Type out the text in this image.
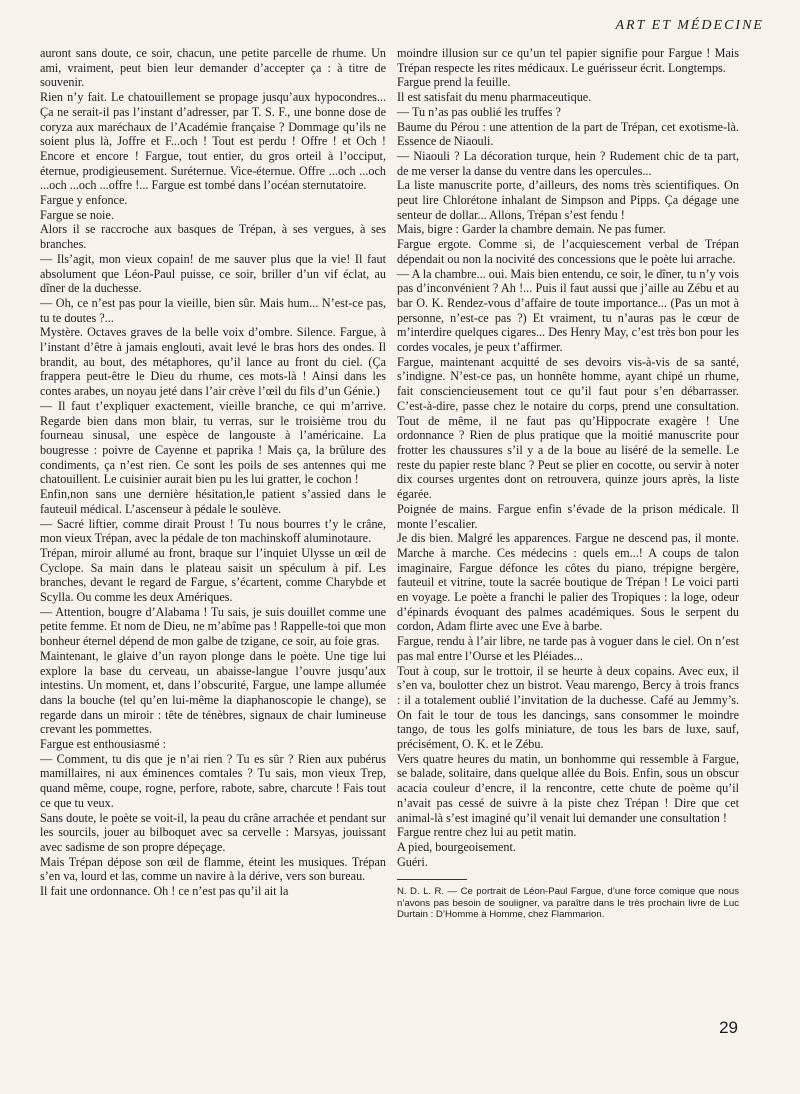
ART ET MÉDECINE

auront sans doute, ce soir, chacun, une petite parcelle de rhume. Un ami, vraiment, peut bien leur demander d’accepter ça : à titre de souvenir.

Rien n’y fait. Le chatouillement se propage jusqu’aux hypocondres... Ça ne serait-il pas l’instant d’adresser, par T. S. F., une bonne dose de coryza aux maréchaux de l’Académie française ? Dommage qu’ils ne soient plus là, Joffre et F...och ! Tout est perdu ! Offre ! et Och ! Encore et encore ! Fargue, tout entier, du gros orteil à l’occiput, éternue, prodigieusement. Suréternue. Vice-éternue. Offre ...och ...och ...och ...och ...offre !... Fargue est tombé dans l’océan sternutatoire.

Fargue y enfonce.

Fargue se noie.

Alors il se raccroche aux basques de Trépan, à ses vergues, à ses branches.

— Ils’agit, mon vieux copain! de me sauver plus que la vie! Il faut absolument que Léon-Paul puisse, ce soir, briller d’un vif éclat, au dîner de la duchesse.

— Oh, ce n’est pas pour la vieille, bien sûr. Mais hum... N’est-ce pas, tu te doutes ?...

Mystère. Octaves graves de la belle voix d’ombre. Silence. Fargue, à l’instant d’être à jamais englouti, avait levé le bras hors des ondes. Il brandit, au bout, des métaphores, qu’il lance au front du ciel. (Ça frappera peut-être le Dieu du rhume, ces mots-là ! Ainsi dans les contes arabes, un noyau jeté dans l’air crève l’œil du fils d’un Génie.)

— Il faut t’expliquer exactement, vieille branche, ce qui m’arrive. Regarde bien dans mon blair, tu verras, sur le troisième trou du fourneau sinusal, une espèce de langouste à l’américaine. La bougresse : poivre de Cayenne et paprika ! Mais ça, la brûlure des condiments, ça n’est rien. Ce sont les poils de ses antennes qui me chatouillent. Le cuisinier aurait bien pu les lui gratter, le cochon !

Enfin,non sans une dernière hésitation,le patient s’assied dans le fauteuil médical. L’ascenseur à pédale le soulève.

— Sacré liftier, comme dirait Proust ! Tu nous bourres t’y le crâne, mon vieux Trépan, avec la pédale de ton machinskoff aluminotaure.

Trépan, miroir allumé au front, braque sur l’inquiet Ulysse un œil de Cyclope. Sa main dans le plateau saisit un spéculum à pif. Les branches, devant le regard de Fargue, s’écartent, comme Charybde et Scylla. Ou comme les deux Amériques.

— Attention, bougre d’Alabama ! Tu sais, je suis douillet comme une petite femme. Et nom de Dieu, ne m’abîme pas ! Rappelle-toi que mon bonheur éternel dépend de mon galbe de tzigane, ce soir, au foie gras.

Maintenant, le glaive d’un rayon plonge dans le poète. Une tige lui explore la base du cerveau, un abaisse-langue l’ouvre jusqu’aux intestins. Un moment, et, dans l’obscurité, Fargue, une lampe allumée dans la bouche (tel qu’en lui-même la diaphanoscopie le change), se regarde dans un miroir : tête de ténèbres, signaux de chair lumineuse crevant les pommettes.

Fargue est enthousiasmé :

— Comment, tu dis que je n’ai rien ? Tu es sûr ? Rien aux pubérus mamillaires, ni aux éminences comtales ? Tu sais, mon vieux Trep, quand même, coupe, rogne, perfore, rabote, sabre, charcute ! Fais tout ce que tu veux.

Sans doute, le poète se voit-il, la peau du crâne arrachée et pendant sur les sourcils, jouer au bilboquet avec sa cervelle : Marsyas, jouissant avec sadisme de son propre dépeçage.

Mais Trépan dépose son œil de flamme, éteint les musiques. Trépan s’en va, lourd et las, comme un navire à la dérive, vers son bureau.

Il fait une ordonnance. Oh ! ce n’est pas qu’il ait la

moindre illusion sur ce qu’un tel papier signifie pour Fargue ! Mais Trépan respecte les rites médicaux. Le guérisseur écrit. Longtemps.

Fargue prend la feuille.

Il est satisfait du menu pharmaceutique.

— Tu n’as pas oublié les truffes ?

Baume du Pérou : une attention de la part de Trépan, cet exotisme-là. Essence de Niaouli.

— Niaouli ? La décoration turque, hein ? Rudement chic de ta part, de me verser la danse du ventre dans les opercules...

La liste manuscrite porte, d’ailleurs, des noms très scientifiques. On peut lire Chlorétone inhalant de Simpson and Pipps. Ça dégage une senteur de dollar... Allons, Trépan s’est fendu !

Mais, bigre : Garder la chambre demain. Ne pas fumer.

Fargue ergote. Comme si, de l’acquiescement verbal de Trépan dépendait ou non la nocivité des concessions que le poète lui arrache.

— A la chambre... oui. Mais bien entendu, ce soir, le dîner, tu n’y vois pas d’inconvénient ? Ah !... Puis il faut aussi que j’aille au Zébu et au bar O. K. Rendez-vous d’affaire de toute importance... (Pas un mot à personne, n’est-ce pas ?) Et vraiment, tu n’auras pas le cœur de m’interdire quelques cigares... Des Henry May, c’est très bon pour les cordes vocales, je peux t’affirmer.

Fargue, maintenant acquitté de ses devoirs vis-à-vis de sa santé, s’indigne. N’est-ce pas, un honnête homme, ayant chipé un rhume, fait consciencieusement tout ce qu’il faut pour s’en débarrasser. C’est-à-dire, passe chez le notaire du corps, prend une consultation. Tout de même, il ne faut pas qu’Hippocrate exagère ! Une ordonnance ? Rien de plus pratique que la moitié manuscrite pour frotter les chaussures s’il y a de la boue au liséré de la semelle. Le reste du papier reste blanc ? Peut se plier en cocotte, ou servir à noter dix courses urgentes dont on retrouvera, quinze jours après, la liste égarée.

Poignée de mains. Fargue enfin s’évade de la prison médicale. Il monte l’escalier.

Je dis bien. Malgré les apparences. Fargue ne descend pas, il monte. Marche à marche. Ces médecins : quels em...! A coups de talon imaginaire, Fargue défonce les côtes du piano, trépigne bergère, fauteuil et vitrine, toute la sacrée boutique de Trépan ! Le voici parti en voyage. Le poète a franchi le palier des Tropiques : la loge, odeur d’épinards évoquant des palmes académiques. Sous le serpent du cordon, Adam flirte avec une Eve à barbe.

Fargue, rendu à l’air libre, ne tarde pas à voguer dans le ciel. On n’est pas mal entre l’Ourse et les Pléiades...

Tout à coup, sur le trottoir, il se heurte à deux copains. Avec eux, il s’en va, boulotter chez un bistrot. Veau marengo, Bercy à trois francs : il a totalement oublié l’invitation de la duchesse. Café au Jemmy’s. On fait le tour de tous les dancings, sans consommer le moindre tango, de tous les golfs miniature, de tous les bars de luxe, sauf, précisément, O. K. et le Zébu.

Vers quatre heures du matin, un bonhomme qui ressemble à Fargue, se balade, solitaire, dans quelque allée du Bois. Enfin, sous un obscur acacia couleur d’encre, il la rencontre, cette chute de poème qu’il n’avait pas cessé de suivre à la piste chez Trépan ! Dire que cet animal-là s’est imaginé qu’il venait lui demander une consultation !

Fargue rentre chez lui au petit matin.

A pied, bourgeoisement.

Guéri.

N. D. L. R. — Ce portrait de Léon-Paul Fargue, d’une force comique que nous n’avons pas besoin de souligner, va paraître dans le très prochain livre de Luc Durtain : D’Homme à Homme, chez Flammarion.
29
